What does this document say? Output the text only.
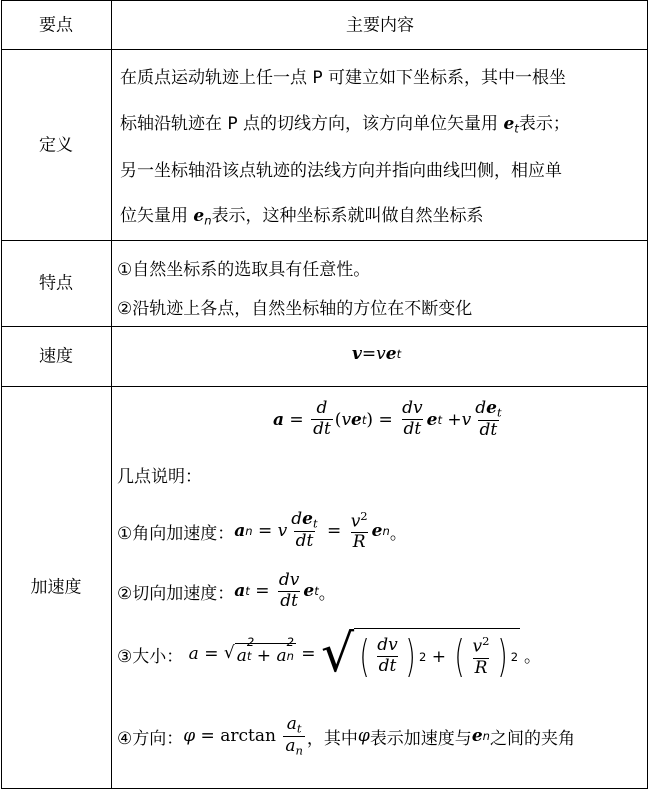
要点	主要内容
定义
在质点运动轨迹上任一点 P 可建立如下坐标系，其中一根坐
标轴沿轨迹在 P 点的切线方向，该方向单位矢量用 $e_t$表示；
另一坐标轴沿该点轨迹的法线方向并指向曲线凹侧，相应单
位矢量用 $e_n$表示，这种坐标系就叫做自然坐标系
特点
①自然坐标系的选取具有任意性。
②沿轨迹上各点，自然坐标轴的方位在不断变化
速度	v = v e t
加速度
$a = \frac{d}{dt}$ ( v e t ) = $\frac{dv}{dt}$ e t + v $\frac{de_t}{dt}$
几点说明：
①角向加速度： a n = v $\frac{de_t}{dt} = \frac{v^2}{R}$ e n 。
②切向加速度： a $t = \frac{dv}{dt}$ e t 。
③大小： a = √ a
2
t + a
2
n = √ ( $\frac{dv}{dt}$ ) 2 + ( $\frac{v^2}{R}$ ) 2 。
④方向： φ = arctan
$\frac{a_t}{a_n}$ ，其中 φ 表示加速度与 e n 之间的夹角
